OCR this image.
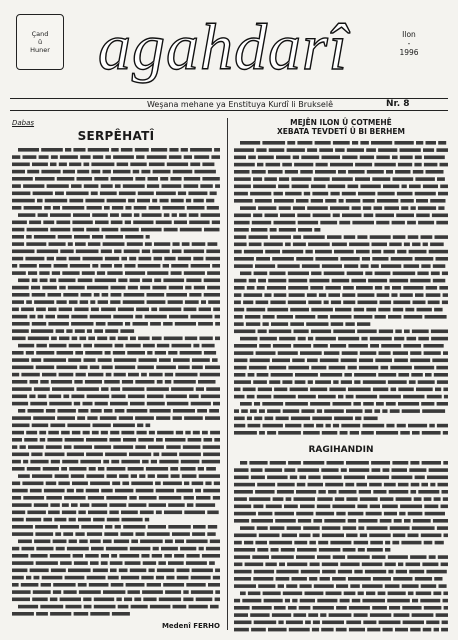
Çand
û
Huner agahdarî	Ilon
-
1996
Weşana mehane ya Enstituya Kurdî li Brukselê	Nr. 8
Dabaş
SERPÊHATÎ
Medenî FERHO
MEJÊN ILON Û COTMEHÊ
XEBATA TEVDETÎ Û BI BERHEM
RAGIHANDIN
